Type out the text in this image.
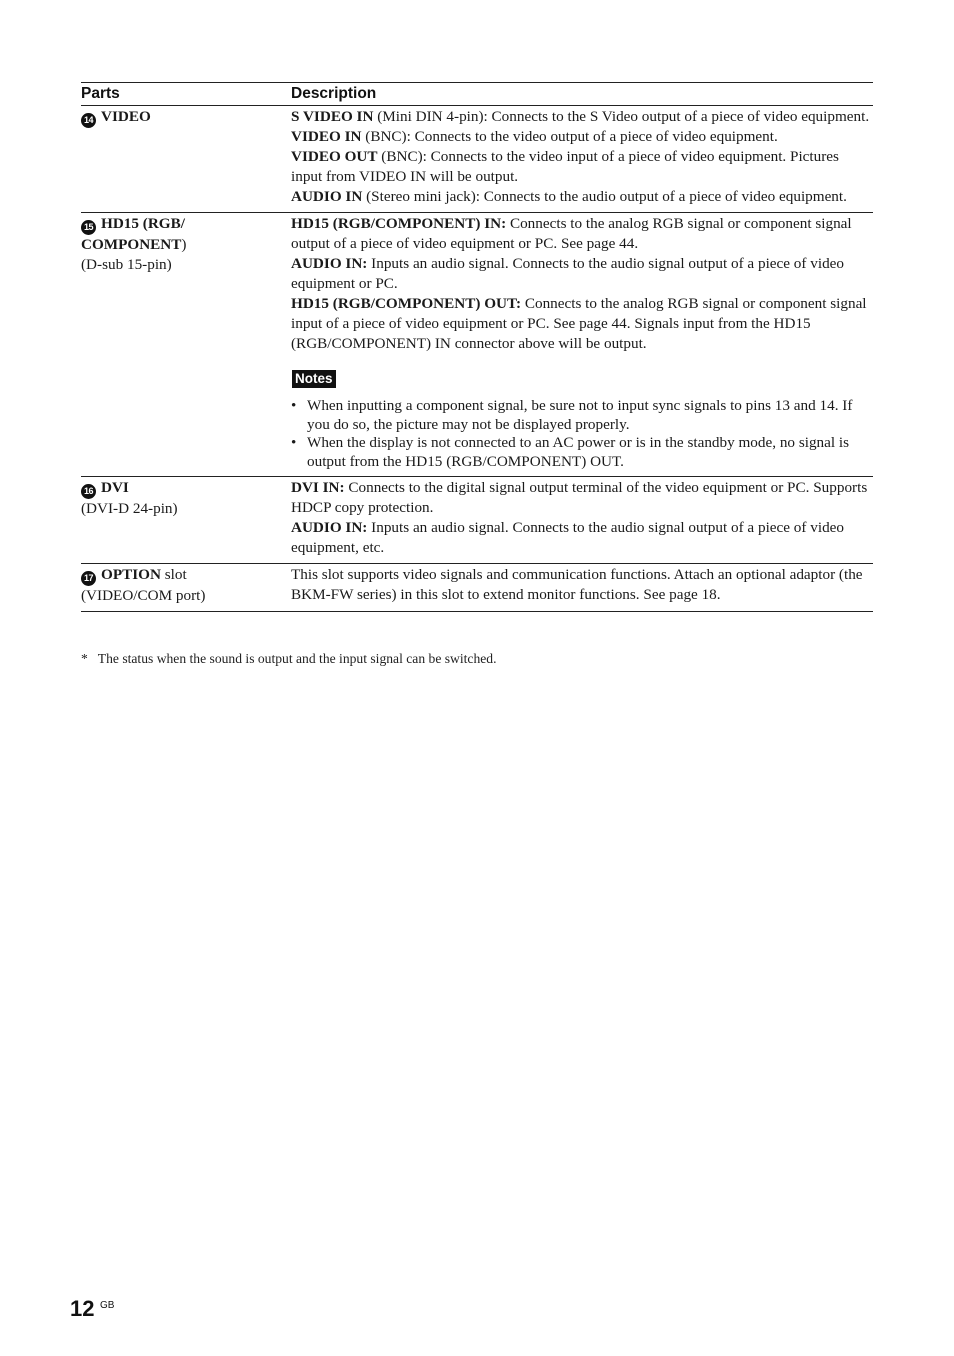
Parts	Description
14 VIDEO	S VIDEO IN (Mini DIN 4-pin): Connects to the S Video output of a piece of video equipment.
VIDEO IN (BNC): Connects to the video output of a piece of video equipment.
VIDEO OUT (BNC): Connects to the video input of a piece of video equipment. Pictures input from VIDEO IN will be output.
AUDIO IN (Stereo mini jack): Connects to the audio output of a piece of video equipment.
15 HD15 (RGB/
COMPONENT)
(D-sub 15-pin)
HD15 (RGB/COMPONENT) IN: Connects to the analog RGB signal or component signal output of a piece of video equipment or PC. See page 44.
AUDIO IN: Inputs an audio signal. Connects to the audio signal output of a piece of video equipment or PC.
HD15 (RGB/COMPONENT) OUT: Connects to the analog RGB signal or component signal input of a piece of video equipment or PC. See page 44. Signals input from the HD15 (RGB/COMPONENT) IN connector above will be output.
Notes
• When inputting a component signal, be sure not to input sync signals to pins 13 and 14. If you do so, the picture may not be displayed properly.
• When the display is not connected to an AC power or is in the standby mode, no signal is output from the HD15 (RGB/COMPONENT) OUT.
16 DVI
(DVI-D 24-pin)
DVI IN: Connects to the digital signal output terminal of the video equipment or PC. Supports HDCP copy protection.
AUDIO IN: Inputs an audio signal. Connects to the audio signal output of a piece of video equipment, etc.
17 OPTION slot
(VIDEO/COM port)
This slot supports video signals and communication functions. Attach an optional adaptor (the BKM-FW series) in this slot to extend monitor functions. See page 18.
* The status when the sound is output and the input signal can be switched.
12 GB
